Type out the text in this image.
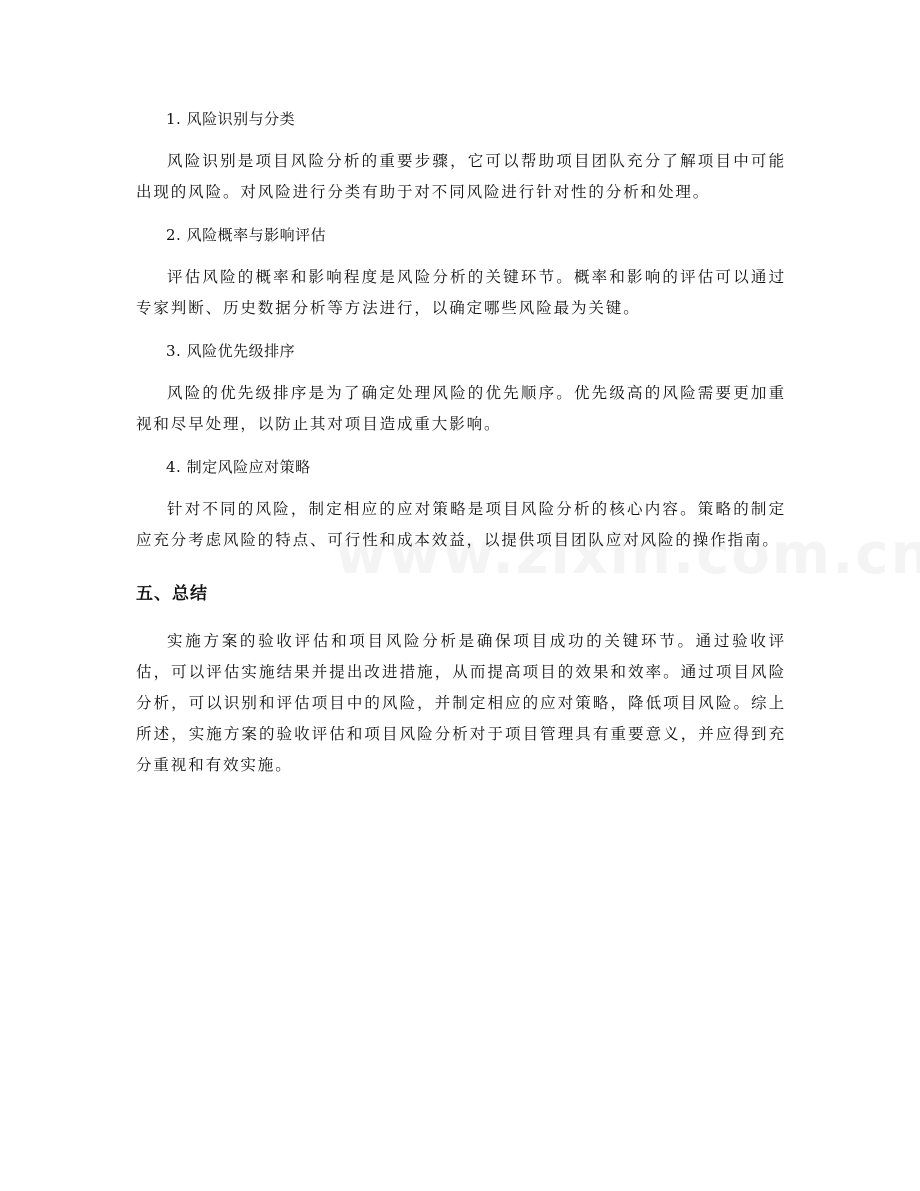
1. 风险识别与分类

风险识别是项目风险分析的重要步骤，它可以帮助项目团队充分了解项目中可能出现的风险。对风险进行分类有助于对不同风险进行针对性的分析和处理。

2. 风险概率与影响评估

评估风险的概率和影响程度是风险分析的关键环节。概率和影响的评估可以通过专家判断、历史数据分析等方法进行，以确定哪些风险最为关键。

3. 风险优先级排序

风险的优先级排序是为了确定处理风险的优先顺序。优先级高的风险需要更加重视和尽早处理，以防止其对项目造成重大影响。

4. 制定风险应对策略

针对不同的风险，制定相应的应对策略是项目风险分析的核心内容。策略的制定应充分考虑风险的特点、可行性和成本效益，以提供项目团队应对风险的操作指南。

五、总结

实施方案的验收评估和项目风险分析是确保项目成功的关键环节。通过验收评估，可以评估实施结果并提出改进措施，从而提高项目的效果和效率。通过项目风险分析，可以识别和评估项目中的风险，并制定相应的应对策略，降低项目风险。综上所述，实施方案的验收评估和项目风险分析对于项目管理具有重要意义，并应得到充分重视和有效实施。
